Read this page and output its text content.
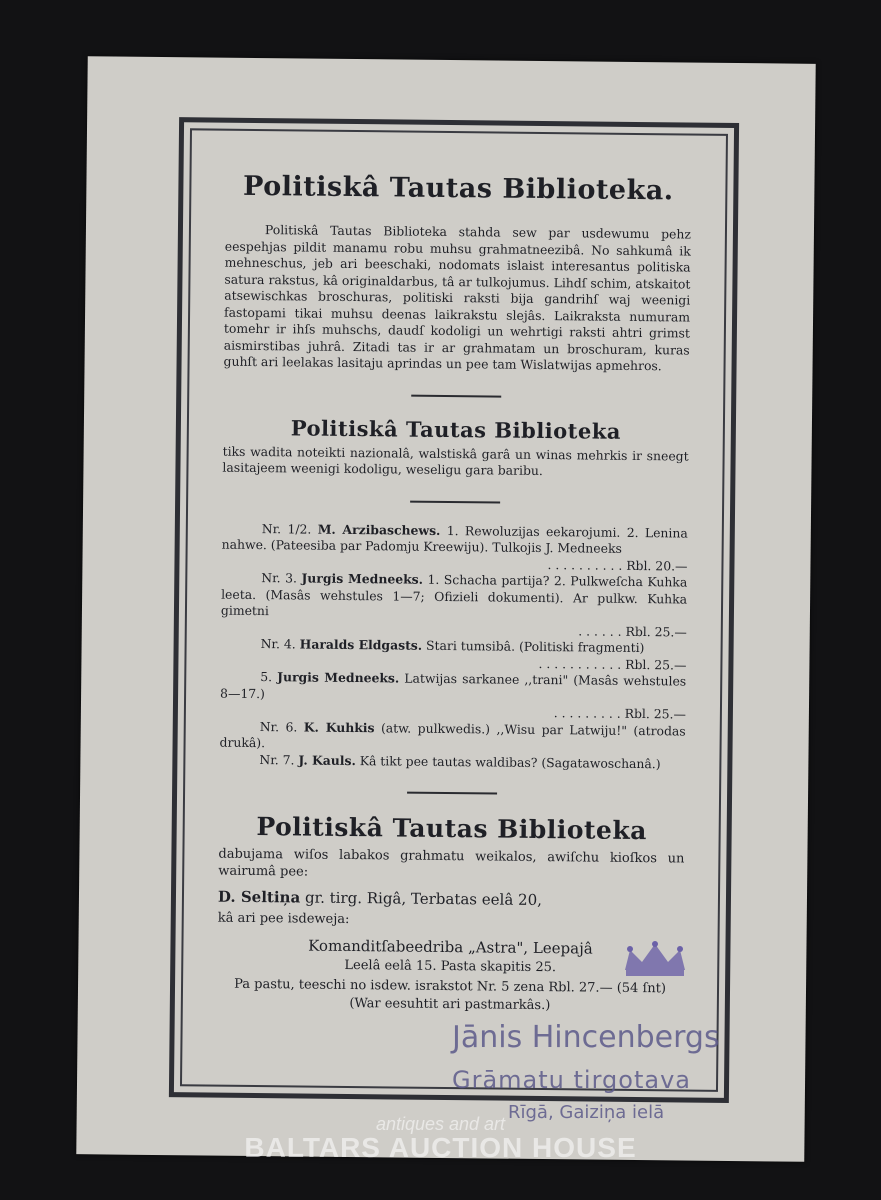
Politiskâ Tautas Biblioteka.

Politiskâ Tautas Biblioteka stahda sew par usdewumu pehz eespehjas pildit manamu robu muhsu grahmatneezibâ. No sahkumâ ik mehneschus, jeb ari beeschaki, nodomats islaist interesantus politiska satura rakstus, kâ originaldarbus, tâ ar tulkojumus. Lihdſ schim, atskaitot atsewischkas broschuras, politiski raksti bija gandrihſ waj weenigi fastopami tikai muhsu deenas laikrakstu slejâs. Laikraksta numuram tomehr ir ihſs muhschs, daudſ kodoligi un wehrtigi raksti ahtri grimst aismirstibas juhrâ. Zitadi tas ir ar grahmatam un broschuram, kuras guhſt ari leelakas lasitaju aprindas un pee tam Wislatwijas apmehros.

Politiskâ Tautas Biblioteka

tiks wadita noteikti nazionalâ, walstiskâ garâ un winas mehrkis ir sneegt lasitajeem weenigi kodoligu, weseligu gara baribu.

Nr. 1/2. M. Arzibaschews. 1. Rewoluzijas eekarojumi. 2. Lenina nahwe. (Pateesiba par Padomju Kreewiju). Tulkojis J. Medneeks
. . . . . . . . . . Rbl. 20.—

Nr. 3. Jurgis Medneeks. 1. Schacha partija? 2. Pulkweſcha Kuhka leeta. (Masâs wehstules 1—7; Ofizieli dokumenti). Ar pulkw. Kuhka gimetni
. . . . . . Rbl. 25.—

Nr. 4. Haralds Eldgasts. Stari tumsibâ. (Politiski fragmenti)
. . . . . . . . . . . Rbl. 25.—

5. Jurgis Medneeks. Latwijas sarkanee ,,trani" (Masâs wehstules 8—17.)
. . . . . . . . . Rbl. 25.—

Nr. 6. K. Kuhkis (atw. pulkwedis.) ,,Wisu par Latwiju!" (atrodas drukâ).

Nr. 7. J. Kauls. Kâ tikt pee tautas waldibas? (Sagatawoschanâ.)

Politiskâ Tautas Biblioteka

dabujama wiſos labakos grahmatu weikalos, awiſchu kioſkos un wairumâ pee:

D. Seltiņa gr. tirg. Rigâ, Terbatas eelâ 20,

kâ ari pee isdeweja:

Komanditſabeedriba „Astra", Leepajâ

Leelâ eelâ 15. Pasta skapitis 25.

Pa pastu, teeschi no isdew. israkstot Nr. 5 zena Rbl. 27.— (54 ſnt)

(War eesuhtit ari pastmarkâs.)

Jānis Hincenbergs
Grāmatu tirgotava
Rīgā, Gaiziņa ielā
antiques and art
BALTARS AUCTION HOUSE
